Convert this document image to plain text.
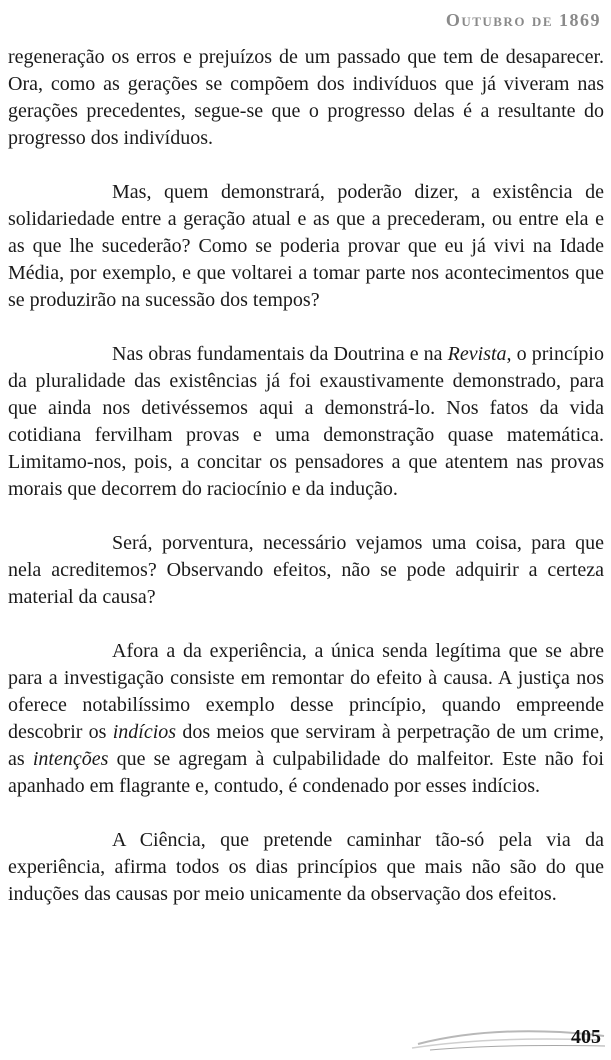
Outubro de 1869

regeneração os erros e prejuízos de um passado que tem de desaparecer. Ora, como as gerações se compõem dos indivíduos que já viveram nas gerações precedentes, segue-se que o progresso delas é a resultante do progresso dos indivíduos.

Mas, quem demonstrará, poderão dizer, a existência de solidariedade entre a geração atual e as que a precederam, ou entre ela e as que lhe sucederão? Como se poderia provar que eu já vivi na Idade Média, por exemplo, e que voltarei a tomar parte nos acontecimentos que se produzirão na sucessão dos tempos?

Nas obras fundamentais da Doutrina e na Revista, o princípio da pluralidade das existências já foi exaustivamente demonstrado, para que ainda nos detivéssemos aqui a demonstrá-lo. Nos fatos da vida cotidiana fervilham provas e uma demonstração quase matemática. Limitamo-nos, pois, a concitar os pensadores a que atentem nas provas morais que decorrem do raciocínio e da indução.

Será, porventura, necessário vejamos uma coisa, para que nela acreditemos? Observando efeitos, não se pode adquirir a certeza material da causa?

Afora a da experiência, a única senda legítima que se abre para a investigação consiste em remontar do efeito à causa. A justiça nos oferece notabilíssimo exemplo desse princípio, quando empreende descobrir os indícios dos meios que serviram à perpetração de um crime, as intenções que se agregam à culpabilidade do malfeitor. Este não foi apanhado em flagrante e, contudo, é condenado por esses indícios.

A Ciência, que pretende caminhar tão-só pela via da experiência, afirma todos os dias princípios que mais não são do que induções das causas por meio unicamente da observação dos efeitos.

405
